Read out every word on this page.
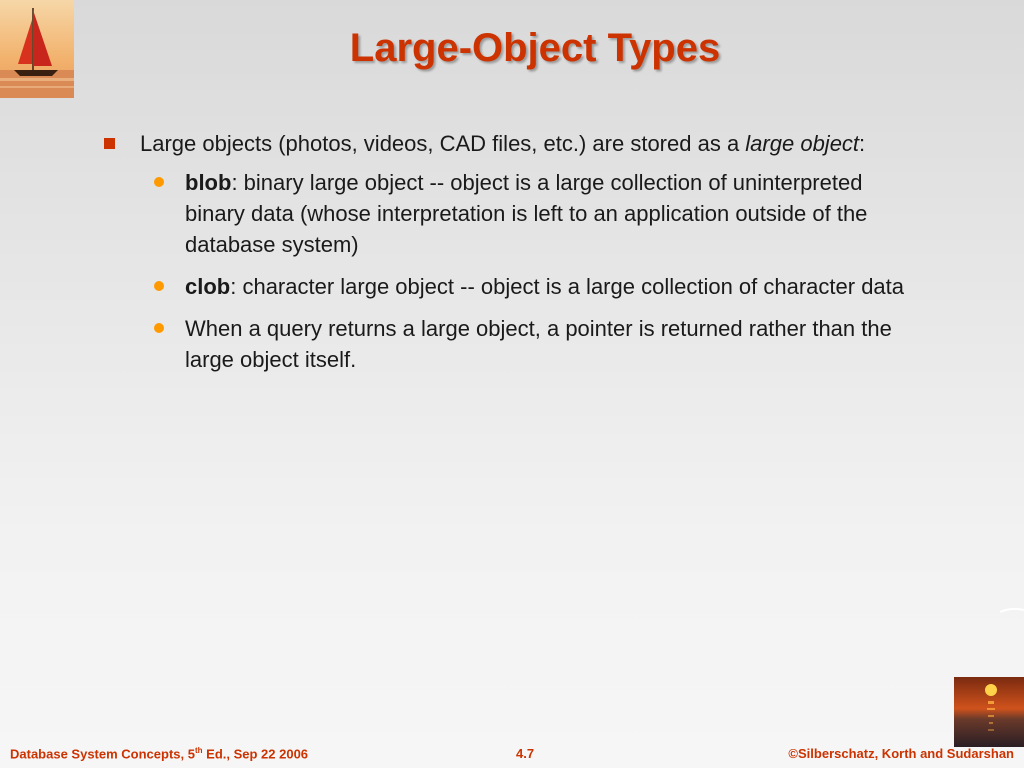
Large-Object Types

Large objects (photos, videos, CAD files, etc.) are stored as a large object:

blob: binary large object -- object is a large collection of uninterpreted binary data (whose interpretation is left to an application outside of the database system)

clob: character large object -- object is a large collection of character data

When a query returns a large object, a pointer is returned rather than the large object itself.

Database System Concepts, 5th Ed., Sep 22 2006	4.7	©Silberschatz, Korth and Sudarshan
